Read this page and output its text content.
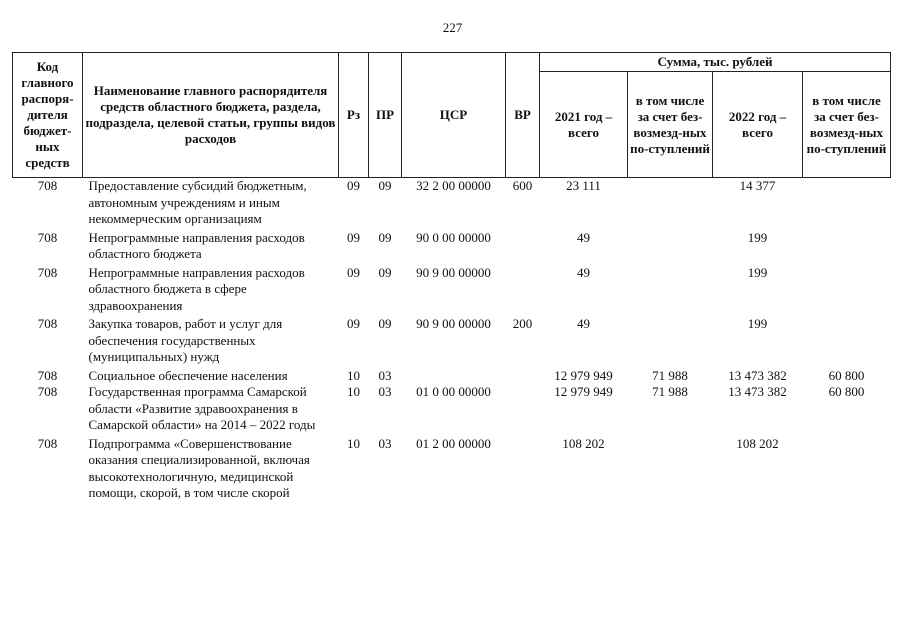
227
Код главного распоря-дителя бюджет-ных средств	Наименование главного распорядителя средств областного бюджета, раздела, подраздела, целевой статьи, группы видов расходов	Рз	ПР	ЦСР	ВР	Сумма, тыс. рублей			
						2021 год – всего	в том числе за счет без-возмезд-ных по-ступлений	2022 год – всего	в том числе за счет без-возмезд-ных по-ступлений
708	Предоставление субсидий бюджетным, автономным учреждениям и иным некоммерческим организациям	09	09	32 2 00 00000	600	23 111		14 377	
708	Непрограммные направления расходов областного бюджета	09	09	90 0 00 00000		49		199	
708	Непрограммные направления расходов областного бюджета в сфере здравоохранения	09	09	90 9 00 00000		49		199	
708	Закупка товаров, работ и услуг для обеспечения государственных (муниципальных) нужд	09	09	90 9 00 00000	200	49		199	
708	Социальное обеспечение населения	10	03			12 979 949	71 988	13 473 382	60 800
708	Государственная программа Самарской области «Развитие здравоохранения в Самарской области» на 2014 – 2022 годы	10	03	01 0 00 00000		12 979 949	71 988	13 473 382	60 800
708	Подпрограмма «Совершенствование оказания специализированной, включая высокотехнологичную, медицинской помощи, скорой, в том числе скорой	10	03	01 2 00 00000		108 202		108 202	
